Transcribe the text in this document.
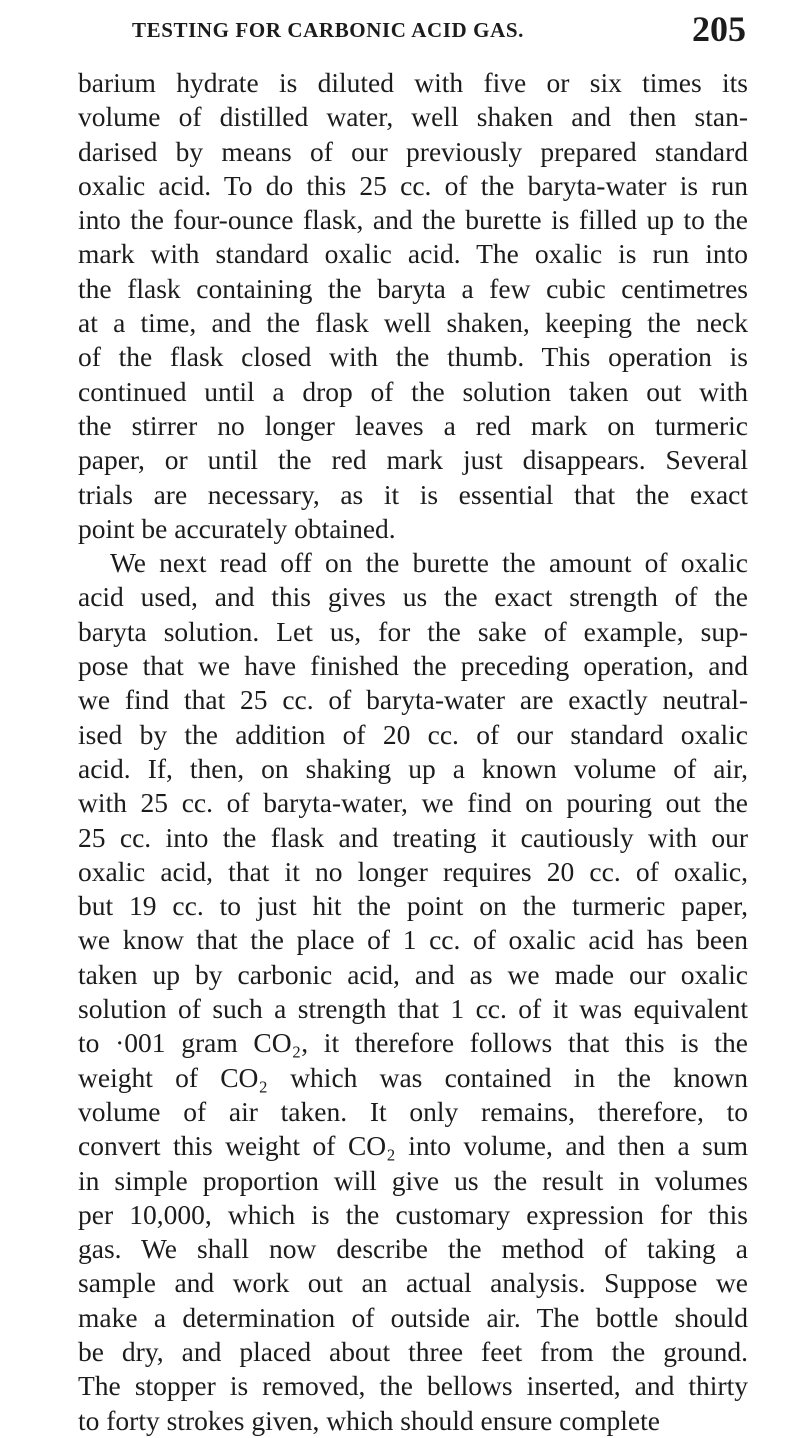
TESTING FOR CARBONIC ACID GAS.	205
barium hydrate is diluted with five or six times its
volume of distilled water, well shaken and then stan-
darised by means of our previously prepared standard
oxalic acid. To do this 25 cc. of the baryta-water is run
into the four-ounce flask, and the burette is filled up to the
mark with standard oxalic acid. The oxalic is run into
the flask containing the baryta a few cubic centimetres
at a time, and the flask well shaken, keeping the neck
of the flask closed with the thumb. This operation is
continued until a drop of the solution taken out with
the stirrer no longer leaves a red mark on turmeric
paper, or until the red mark just disappears. Several
trials are necessary, as it is essential that the exact
point be accurately obtained.
We next read off on the burette the amount of oxalic
acid used, and this gives us the exact strength of the
baryta solution. Let us, for the sake of example, sup-
pose that we have finished the preceding operation, and
we find that 25 cc. of baryta-water are exactly neutral-
ised by the addition of 20 cc. of our standard oxalic
acid. If, then, on shaking up a known volume of air,
with 25 cc. of baryta-water, we find on pouring out the
25 cc. into the flask and treating it cautiously with our
oxalic acid, that it no longer requires 20 cc. of oxalic,
but 19 cc. to just hit the point on the turmeric paper,
we know that the place of 1 cc. of oxalic acid has been
taken up by carbonic acid, and as we made our oxalic
solution of such a strength that 1 cc. of it was equivalent
to ·001 gram CO₂, it therefore follows that this is the
weight of CO₂ which was contained in the known
volume of air taken. It only remains, therefore, to
convert this weight of CO₂ into volume, and then a sum
in simple proportion will give us the result in volumes
per 10,000, which is the customary expression for this
gas. We shall now describe the method of taking a
sample and work out an actual analysis. Suppose we
make a determination of outside air. The bottle should
be dry, and placed about three feet from the ground.
The stopper is removed, the bellows inserted, and thirty
to forty strokes given, which should ensure complete
